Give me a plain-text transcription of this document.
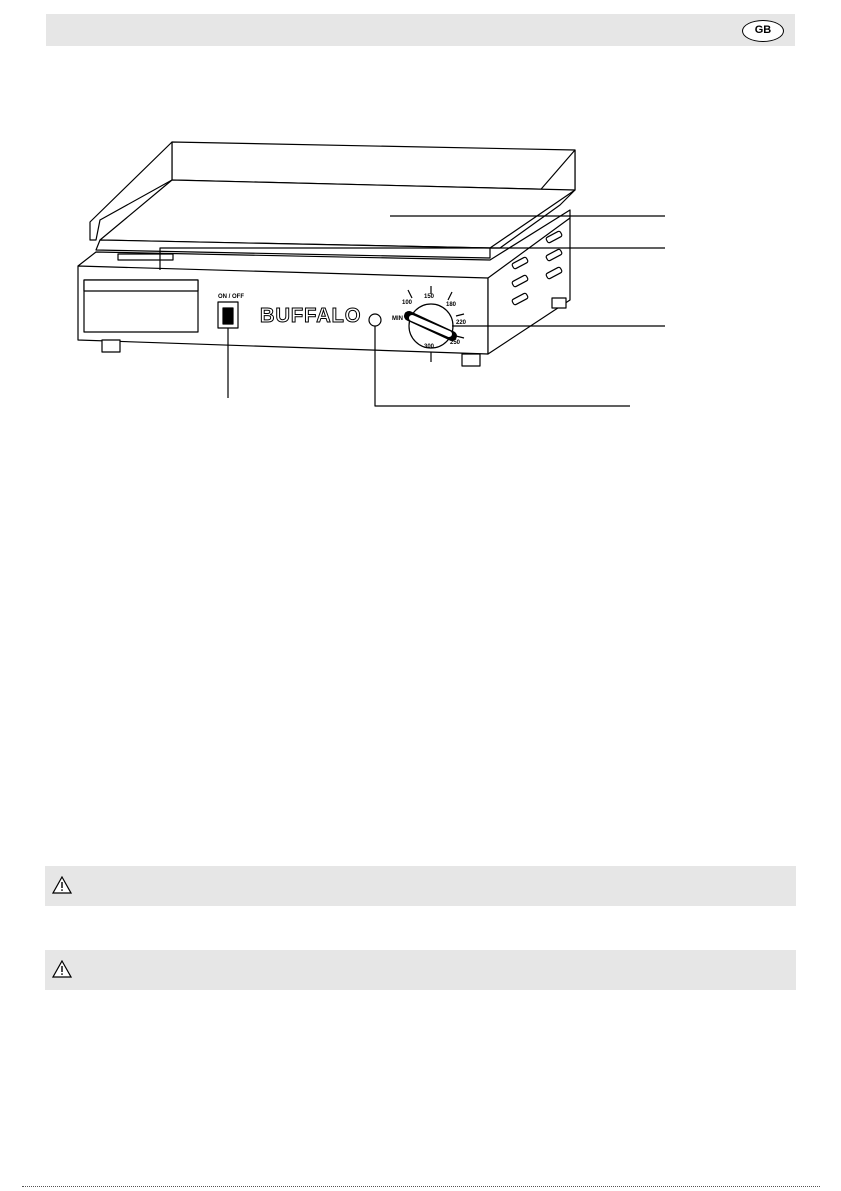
GB
ON / OFF
BUFFALO	MIN
100
150
180
220
250
300
